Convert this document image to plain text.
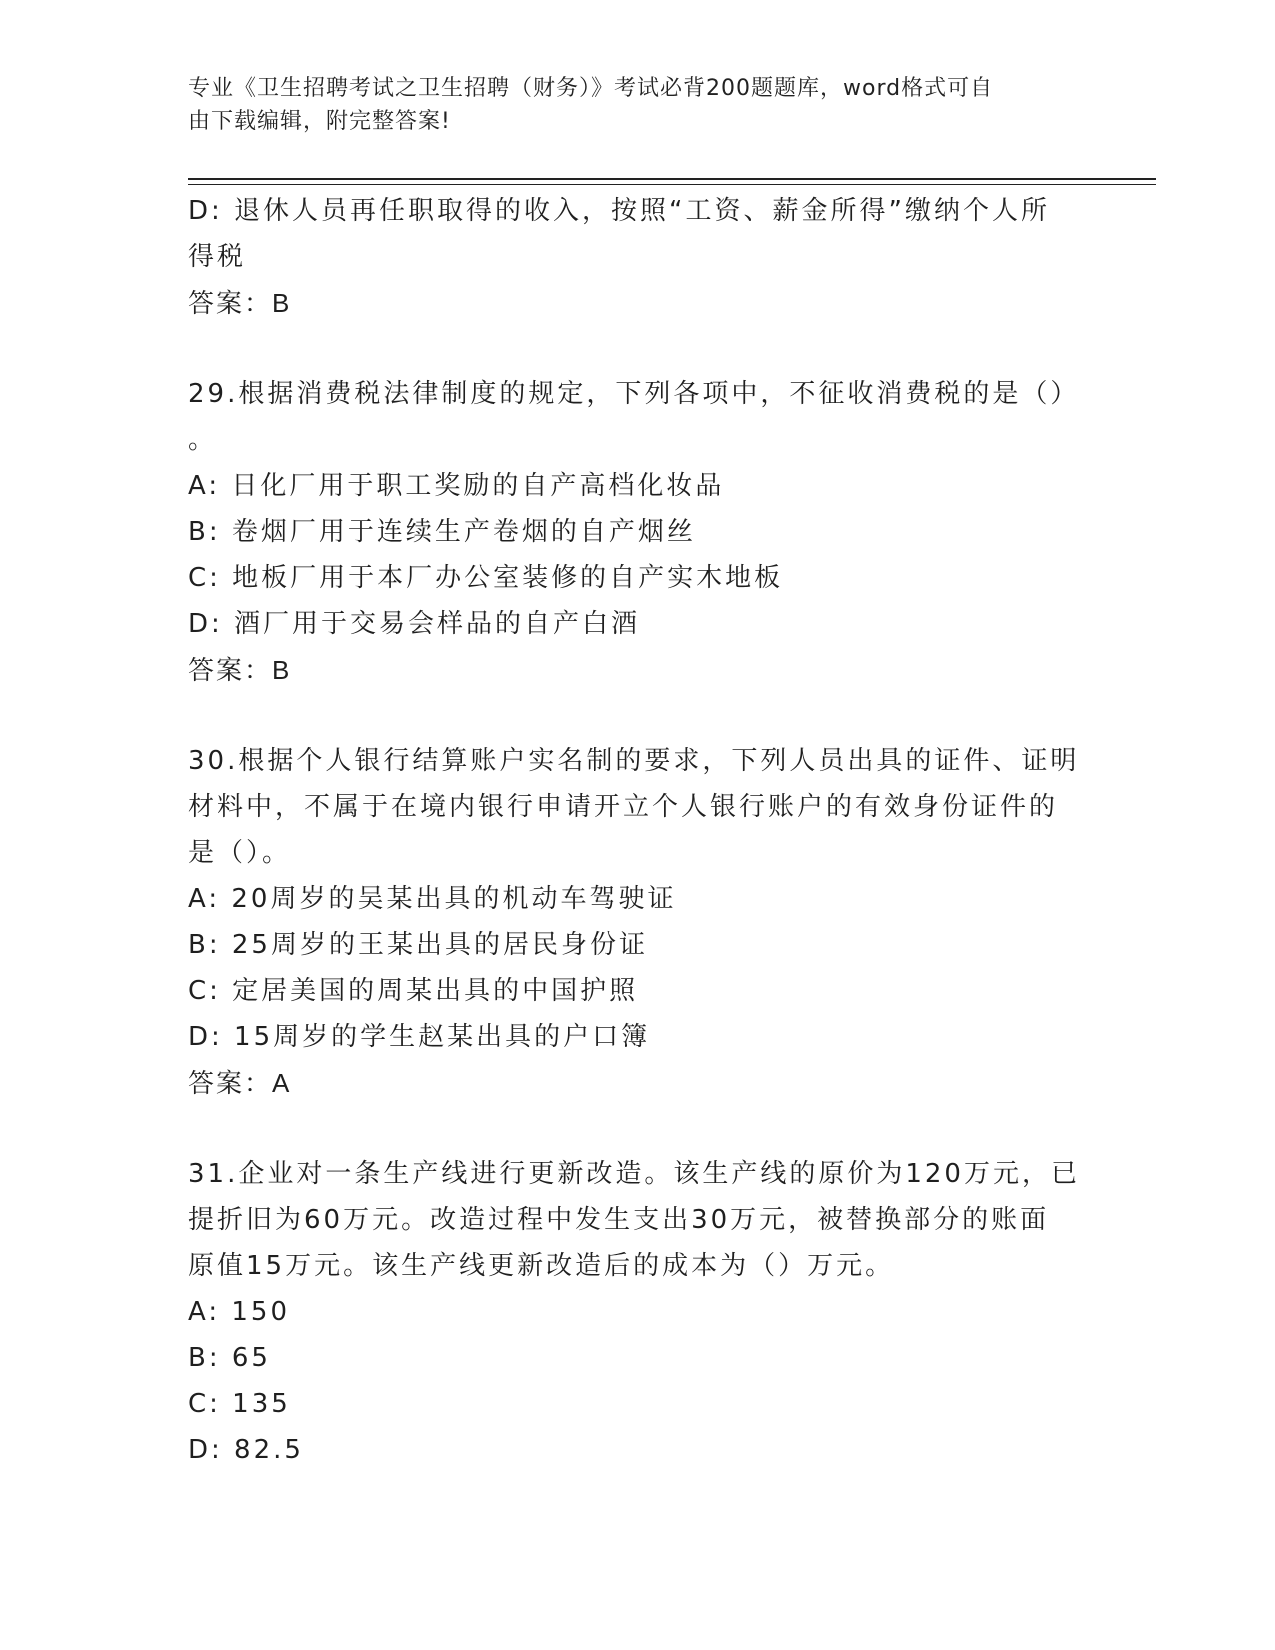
专业《卫生招聘考试之卫生招聘（财务）》考试必背200题题库，word格式可自
由下载编辑，附完整答案!
D: 退休人员再任职取得的收入，按照“工资、薪金所得”缴纳个人所
得税
答案：B
29.根据消费税法律制度的规定，下列各项中，不征收消费税的是（）
。
A: 日化厂用于职工奖励的自产高档化妆品
B: 卷烟厂用于连续生产卷烟的自产烟丝
C: 地板厂用于本厂办公室装修的自产实木地板
D: 酒厂用于交易会样品的自产白酒
答案：B
30.根据个人银行结算账户实名制的要求，下列人员出具的证件、证明
材料中，不属于在境内银行申请开立个人银行账户的有效身份证件的
是（）。
A: 20周岁的吴某出具的机动车驾驶证
B: 25周岁的王某出具的居民身份证
C: 定居美国的周某出具的中国护照
D: 15周岁的学生赵某出具的户口簿
答案：A
31.企业对一条生产线进行更新改造。该生产线的原价为120万元，已
提折旧为60万元。改造过程中发生支出30万元，被替换部分的账面
原值15万元。该生产线更新改造后的成本为（）万元。
A: 150
B: 65
C: 135
D: 82.5
